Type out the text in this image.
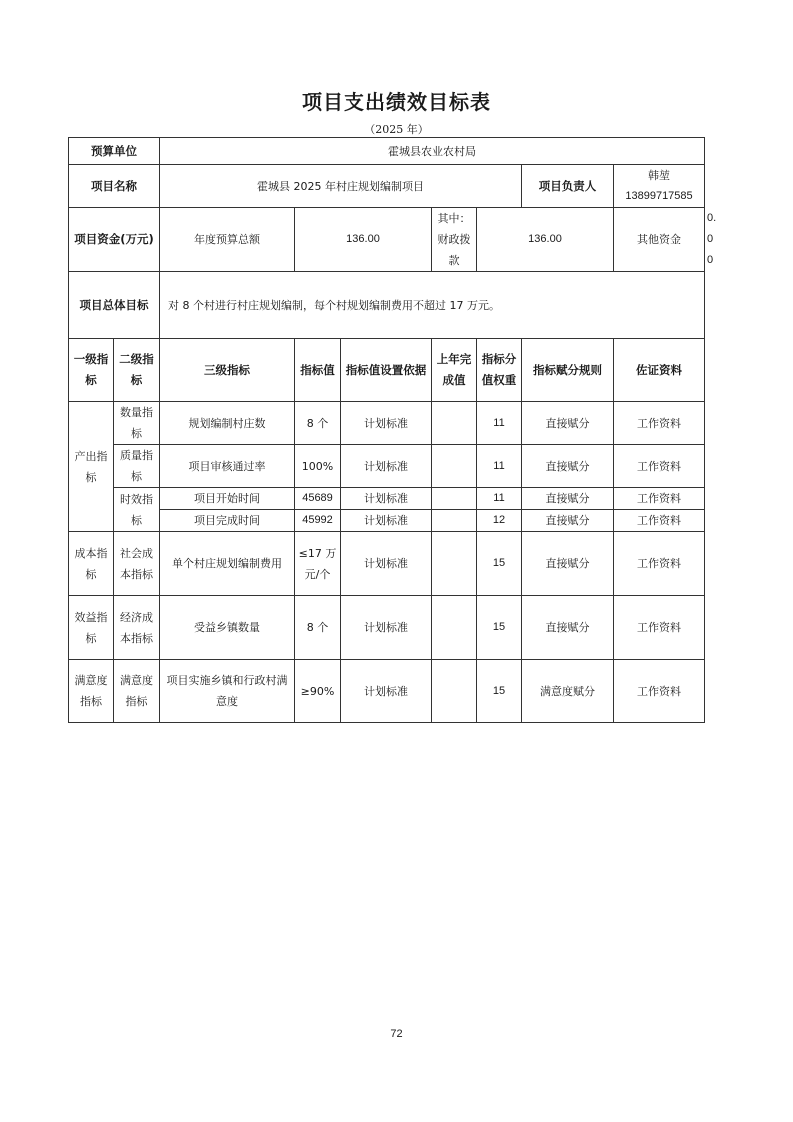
项目支出绩效目标表
（2025 年）
预算单位		霍城县农业农村局							
项目名称		霍城县 2025 年村庄规划编制项目					项目负责人	韩堃
13899717585	

项目资金(万元)		年度预算总额	136.00		其中：财政拨款	136.00		其他资金	0.00
项目总体目标		对 8 个村进行村庄规划编制，每个村规划编制费用不超过 17 万元。							
一级指标	二级指标	三级指标	指标值	指标值设置依据	上年完成值	指标分值权重	指标赋分规则	佐证资料	
产出指标	数量指标	规划编制村庄数	8 个	计划标准		11	直接赋分	工作资料	
	质量指标	项目审核通过率	100%	计划标准		11	直接赋分	工作资料	
	时效指标	项目开始时间	45689	计划标准		11	直接赋分	工作资料	
		项目完成时间	45992	计划标准		12	直接赋分	工作资料	
成本指标	社会成本指标	单个村庄规划编制费用	≤17 万元/个	计划标准		15	直接赋分	工作资料	
效益指标	经济成本指标	受益乡镇数量	8 个	计划标准		15	直接赋分	工作资料	
满意度指标	满意度指标	项目实施乡镇和行政村满意度	≥90%	计划标准		15	满意度赋分	工作资料	
72
